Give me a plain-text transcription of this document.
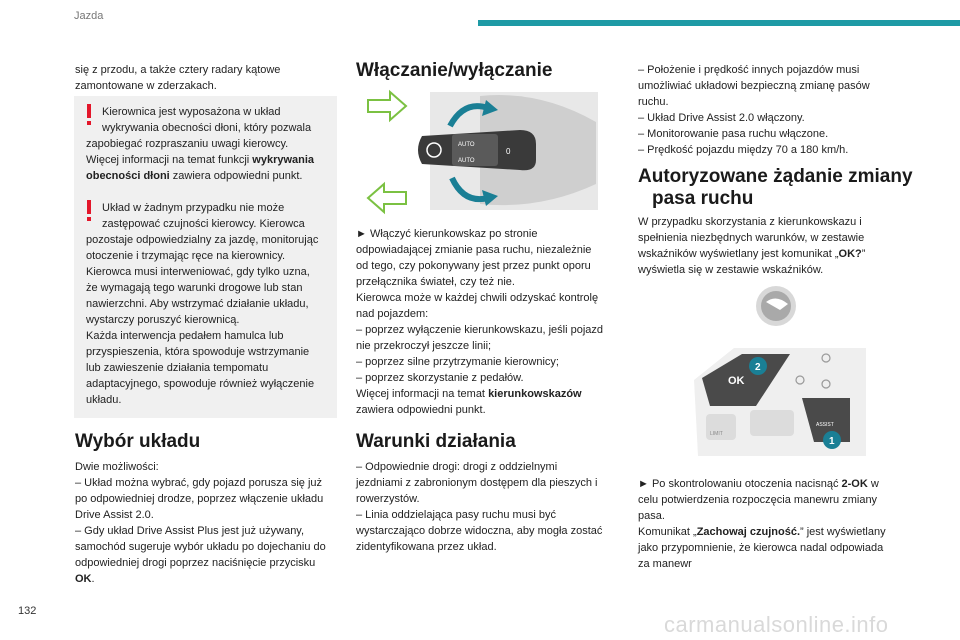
Jazda

się z przodu, a także cztery radary kątowe

zamontowane w zderzakach.

Kierownica jest wyposażona w układ

wykrywania obecności dłoni, który pozwala

zapobiegać rozpraszaniu uwagi kierowcy.

Więcej informacji na temat funkcji wykrywania

obecności dłoni zawiera odpowiedni punkt.

Układ w żadnym przypadku nie może

zastępować czujności kierowcy. Kierowca

pozostaje odpowiedzialny za jazdę, monitorując

otoczenie i trzymając ręce na kierownicy.

Kierowca musi interweniować, gdy tylko uzna,

że wymagają tego warunki drogowe lub stan

nawierzchni. Aby wstrzymać działanie układu,

wystarczy poruszyć kierownicą.

Każda interwencja pedałem hamulca lub

przyspieszenia, która spowoduje wstrzymanie

lub zawieszenie działania tempomatu

adaptacyjnego, spowoduje również wyłączenie

układu.

Wybór układu

Dwie możliwości:

– Układ można wybrać, gdy pojazd porusza się już

po odpowiedniej drodze, poprzez włączenie układu

Drive Assist 2.0.

– Gdy układ Drive Assist Plus jest już używany,

samochód sugeruje wybór układu po dojechaniu do

odpowiedniej drogi poprzez naciśnięcie przycisku

OK.

Włączanie/wyłączanie
AUTO
AUTO
0

► Włączyć kierunkowskaz po stronie

odpowiadającej zmianie pasa ruchu, niezależnie

od tego, czy pokonywany jest przez punkt oporu

przełącznika świateł, czy też nie.

Kierowca może w każdej chwili odzyskać kontrolę

nad pojazdem:

– poprzez wyłączenie kierunkowskazu, jeśli pojazd

nie przekroczył jeszcze linii;

– poprzez silne przytrzymanie kierownicy;

– poprzez skorzystanie z pedałów.

Więcej informacji na temat kierunkowskazów

zawiera odpowiedni punkt.

Warunki działania

– Odpowiednie drogi: drogi z oddzielnymi

jezdniami z zabronionym dostępem dla pieszych i

rowerzystów.

– Linia oddzielająca pasy ruchu musi być

wystarczająco dobrze widoczna, aby mogła zostać

zidentyfikowana przez układ.

– Położenie i prędkość innych pojazdów musi

umożliwiać układowi bezpieczną zmianę pasów

ruchu.

– Układ Drive Assist 2.0 włączony.

– Monitorowanie pasa ruchu włączone.

– Prędkość pojazdu między 70 a 180 km/h.

Autoryzowane żądanie zmiany
pasa ruchu

W przypadku skorzystania z kierunkowskazu i

spełnienia niezbędnych warunków, w zestawie

wskaźników wyświetlany jest komunikat „OK?”

wyświetla się w zestawie wskaźników.

OK
2
LIMIT
ASSIST
1

► Po skontrolowaniu otoczenia nacisnąć 2-OK w

celu potwierdzenia rozpoczęcia manewru zmiany

pasa.

Komunikat „Zachowaj czujność.” jest wyświetlany

jako przypomnienie, że kierowca nadal odpowiada

za manewr

132
carmanualsonline.info
